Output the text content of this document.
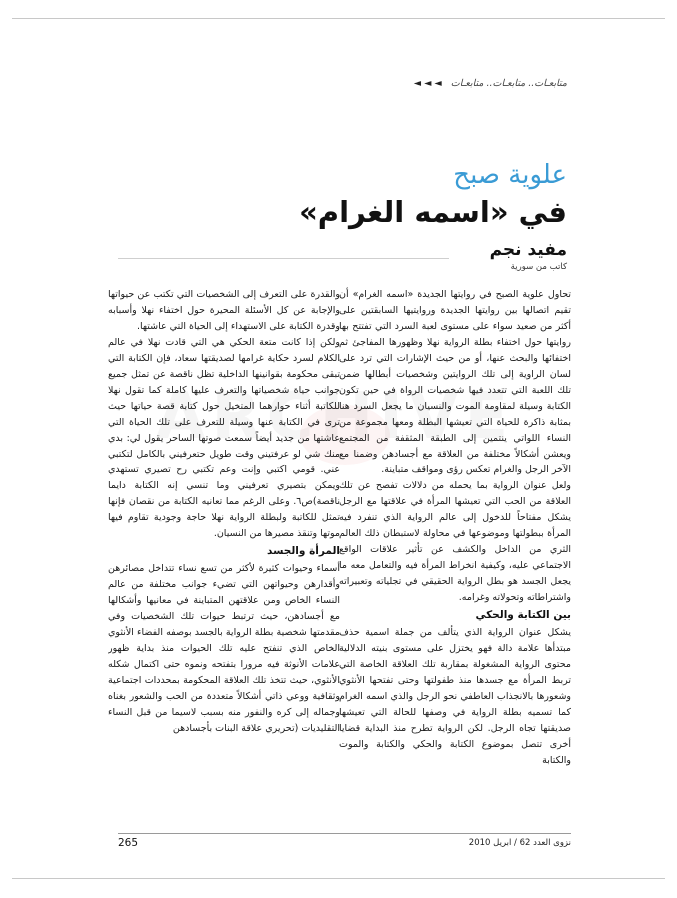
متابعـات.. متابعـات.. متابعـات ◄ ◄ ◄
علوية صبح
في «اسمه الغرام»
مفيد نجم
كاتب من سورية

تحاول علوية الصبح في روايتها الجديدة «اسمه الغرام» أن تقيم اتصالها بين روايتها الجديدة وروايتيها السابقتين على أكثر من صعيد سواء على مستوى لعبة السرد التي تفتتح بها روايتها حول اختفاء بطلة الرواية نهلا وظهورها المفاجئ ثم اختفائها والبحث عنها، أو من حيث الإشارات التي ترد على لسان الراوية إلى تلك الروايتين وشخصيات أبطالها ضمن تلك اللعبة التي تتعدد فيها شخصيات الرواة في حين تكون الكتابة وسيلة لمقاومة الموت والنسيان ما يجعل السرد هنا بمثابة ذاكرة للحياة التي تعيشها البطلة ومعها مجموعة من النساء اللواتي ينتمين إلى الطبقة المثقفة من المجتمع ويعشن أشكالاً مختلفة من العلاقة مع أجسادهن وضمنا مع الآخر الرجل والغرام تعكس رؤى ومواقف متباينة.

ولعل عنوان الرواية بما يحمله من دلالات تفصح عن تلك العلاقة من الحب التي تعيشها المرأة في علاقتها مع الرجل يشكل مفتاحاً للدخول إلى عالم الرواية الذي تنفرد فيه المرأة ببطولتها وموضوعها في محاولة لاستبطان ذلك العالم الثري من الداخل والكشف عن تأثير علاقات الواقع الاجتماعي عليه، وكيفية انخراط المرأة فيه والتعامل معه ما يجعل الجسد هو بطل الرواية الحقيقي في تجلياته وتعبيراته واشتراطاته وتحولاته وغرامه.

بين الكتابة والحكي

يشكل عنوان الرواية الذي يتألف من جملة اسمية حذف مبتدأها علامة دالة فهو يختزل على مستوى بنيته الدلالية محتوى الرواية المشغولة بمقاربة تلك العلاقة الخاصة التي تربط المرأة مع جسدها منذ طفولتها وحتى تفتحها الأنثوي وشعورها بالانجذاب العاطفي نحو الرجل والذي اسمه الغرام كما تسميه بطلة الرواية في وصفها للحالة التي تعيشها صديقتها تجاه الرجل. لكن الرواية تطرح منذ البداية قضايا أخرى تتصل بموضوع الكتابة والحكي والكتابة والموت والكتابة

والقدرة على التعرف إلى الشخصيات التي تكتب عن حيواتها والإجابة عن كل الأسئلة المحيرة حول اختفاء نهلا وأسبابه وقدرة الكتابة على الاستهداء إلى الحياة التي عاشتها.

ولكن إذا كانت متعة الحكي هي التي قادت نهلا في عالم الكلام لسرد حكاية غرامها لصديقتها سعاد، فإن الكتابة التي تبقى محكومة بقوانينها الداخلية تظل ناقصة عن تمثل جميع جوانب حياة شخصياتها والتعرف عليها كاملة كما تقول نهلا للكاتبة أثناء حوارهما المتخيل حول كتابة قصة حياتها حيث ترى في الكتابة عنها وسيلة للتعرف على تلك الحياة التي عاشتها من جديد أيضاً سمعت صوتها الساحر يقول لي: بدي منك شي لو عرفتيني وقت طويل حتعرفيني بالكامل لتكتبي عني. قومي اكتبي وإنت وعم تكتبي رح تصيري تستهدي ويمكن بتصيري تعرفيني وما تنسي إنه الكتابة دايما ناقصة)ص٦. وعلى الرغم مما تعانيه الكتابة من نقصان فإنها تمثل للكاتبة ولبطلة الرواية نهلا حاجة وجودية تقاوم فيها موتها وتنقذ مصيرها من النسيان.

المرأة والجسد

أسماء وحيوات كثيرة لأكثر من تسع نساء تتداخل مصائرهن وأقدارهن وحيواتهن التي تضيء جوانب مختلفة من عالم النساء الخاص ومن علاقتهن المتباينة في معانيها وأشكالها مع أجسادهن، حيث ترتبط حيوات تلك الشخصيات وفي مقدمتها شخصية بطلة الرواية بالجسد بوصفه الفضاء الأنثوي الخاص الذي تنفتح عليه تلك الحيوات منذ بداية ظهور علامات الأنوثة فيه مرورا بتفتحه ونموه حتى اكتمال شكله الأنثوي، حيث تتخذ تلك العلاقة المحكومة بمحددات اجتماعية وثقافية ووعي ذاتي أشكالاً متعددة من الحب والشعور بغناه وجماله إلى كره والنفور منه بسبب لاسيما من قبل النساء التقليديات (تحريري علاقة البنات بأجسادهن

265	نزوى العدد 62 / ابريل 2010
